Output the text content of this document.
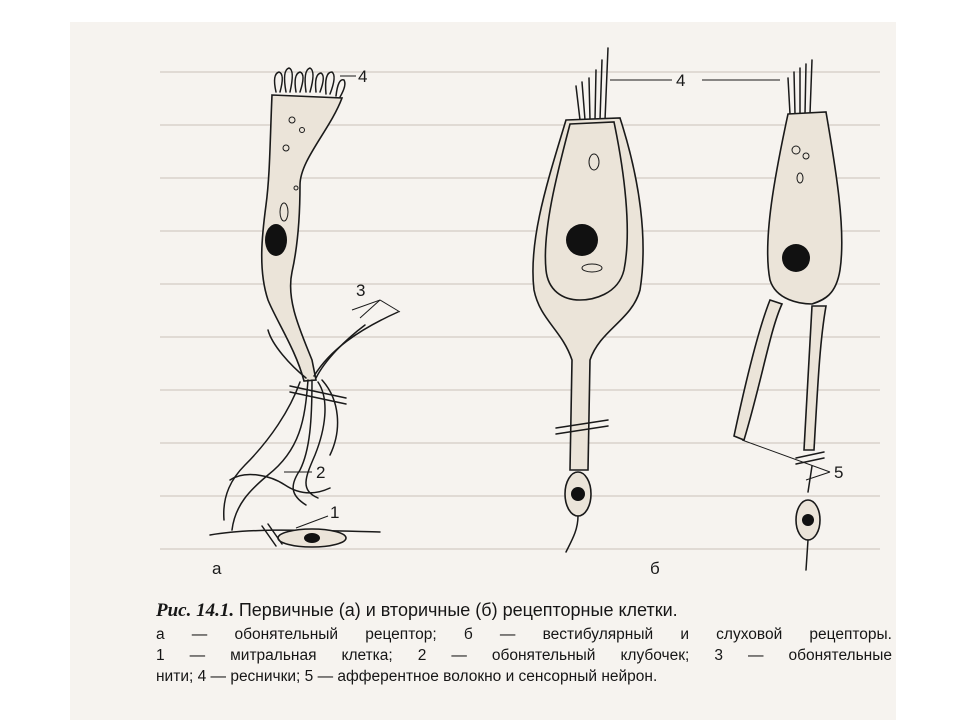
4
3
2
1
а	б
5
4
Рис. 14.1. Первичные (а) и вторичные (б) рецепторные клетки.
а — обонятельный рецептор; б — вестибулярный и слуховой рецепторы.
1 — митральная клетка; 2 — обонятельный клубочек; 3 — обонятельные
нити; 4 — реснички; 5 — афферентное волокно и сенсорный нейрон.
